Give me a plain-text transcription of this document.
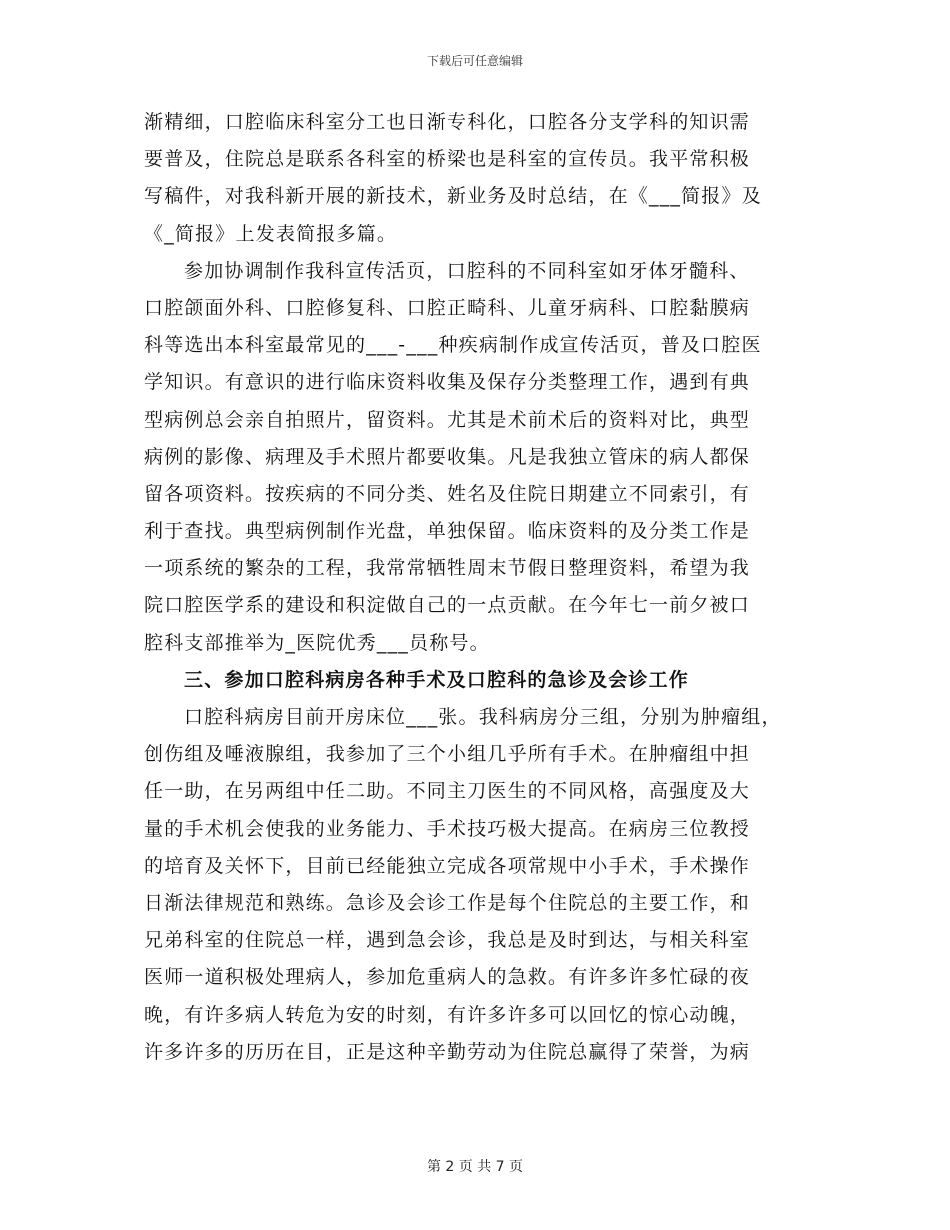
下载后可任意编辑
渐精细，口腔临床科室分工也日渐专科化，口腔各分支学科的知识需
要普及，住院总是联系各科室的桥梁也是科室的宣传员。我平常积极
写稿件，对我科新开展的新技术，新业务及时总结，在《___简报》及
《_简报》上发表简报多篇。
参加协调制作我科宣传活页，口腔科的不同科室如牙体牙髓科、
口腔颌面外科、口腔修复科、口腔正畸科、儿童牙病科、口腔黏膜病
科等选出本科室最常见的___-___种疾病制作成宣传活页，普及口腔医
学知识。有意识的进行临床资料收集及保存分类整理工作，遇到有典
型病例总会亲自拍照片，留资料。尤其是术前术后的资料对比，典型
病例的影像、病理及手术照片都要收集。凡是我独立管床的病人都保
留各项资料。按疾病的不同分类、姓名及住院日期建立不同索引，有
利于查找。典型病例制作光盘，单独保留。临床资料的及分类工作是
一项系统的繁杂的工程，我常常牺牲周末节假日整理资料，希望为我
院口腔医学系的建设和积淀做自己的一点贡献。在今年七一前夕被口
腔科支部推举为_医院优秀___员称号。
三、参加口腔科病房各种手术及口腔科的急诊及会诊工作
口腔科病房目前开房床位___张。我科病房分三组，分别为肿瘤组，
创伤组及唾液腺组，我参加了三个小组几乎所有手术。在肿瘤组中担
任一助，在另两组中任二助。不同主刀医生的不同风格，高强度及大
量的手术机会使我的业务能力、手术技巧极大提高。在病房三位教授
的培育及关怀下，目前已经能独立完成各项常规中小手术，手术操作
日渐法律规范和熟练。急诊及会诊工作是每个住院总的主要工作，和
兄弟科室的住院总一样，遇到急会诊，我总是及时到达，与相关科室
医师一道积极处理病人，参加危重病人的急救。有许多许多忙碌的夜
晚，有许多病人转危为安的时刻，有许多许多可以回忆的惊心动魄，
许多许多的历历在目，正是这种辛勤劳动为住院总赢得了荣誉，为病
第 2 页 共 7 页
